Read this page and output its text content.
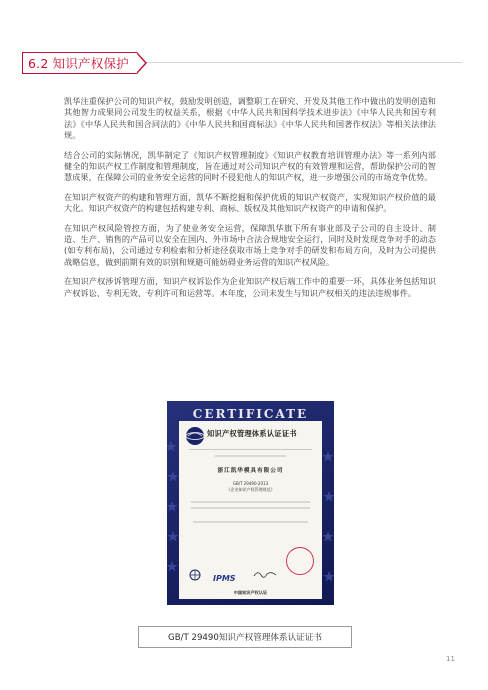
6.2 知识产权保护

凯华注重保护公司的知识产权，鼓励发明创造，调整职工在研究、开发及其他工作中做出的发明创造和其他智力成果同公司发生的权益关系，根据《中华人民共和国科学技术进步法》《中华人民共和国专利法》《中华人民共和国合同法的》《中华人民共和国商标法》《中华人民共和国著作权法》等相关法律法规。

结合公司的实际情况，凯华制定了《知识产权管理制度》《知识产权教育培训管理办法》等一系列内部健全的知识产权工作制度和管理制度，旨在通过对公司知识产权的有效管理和运营，帮助保护公司的智慧成果，在保障公司的业务安全运营的同时不侵犯他人的知识产权，进一步增强公司的市场竞争优势。

在知识产权资产的构建和管理方面，凯华不断挖掘和保护优质的知识产权资产，实现知识产权价值的最大化。知识产权资产的构建包括构建专利、商标、版权及其他知识产权资产的申请和保护。

在知识产权风险管控方面，为了使业务安全运营，保障凯华旗下所有事业部及子公司的自主设计、制造、生产、销售的产品可以安全在国内、外市场中合法合规地安全运行，同时及时发现竞争对手的动态(如专利布局)，公司通过专利检索和分析途径获取市场上竞争对手的研发和布局方向，及时为公司提供战略信息，做到前期有效的识别和规避可能妨碍业务运营的知识产权风险。

在知识产权涉诉管理方面，知识产权诉讼作为企业知识产权后端工作中的重要一环，具体业务包括知识产权诉讼、专利无效、专利许可和运营等。本年度，公司未发生与知识产权相关的违法违规事件。

CERTIFICATE
知识产权管理体系认证证书
浙江凯华模具有限公司
GB/T 29490-2013
《企业知识产权管理规范》
IPMS
中国知识产权认证
GB/T 29490知识产权管理体系认证证书
11
